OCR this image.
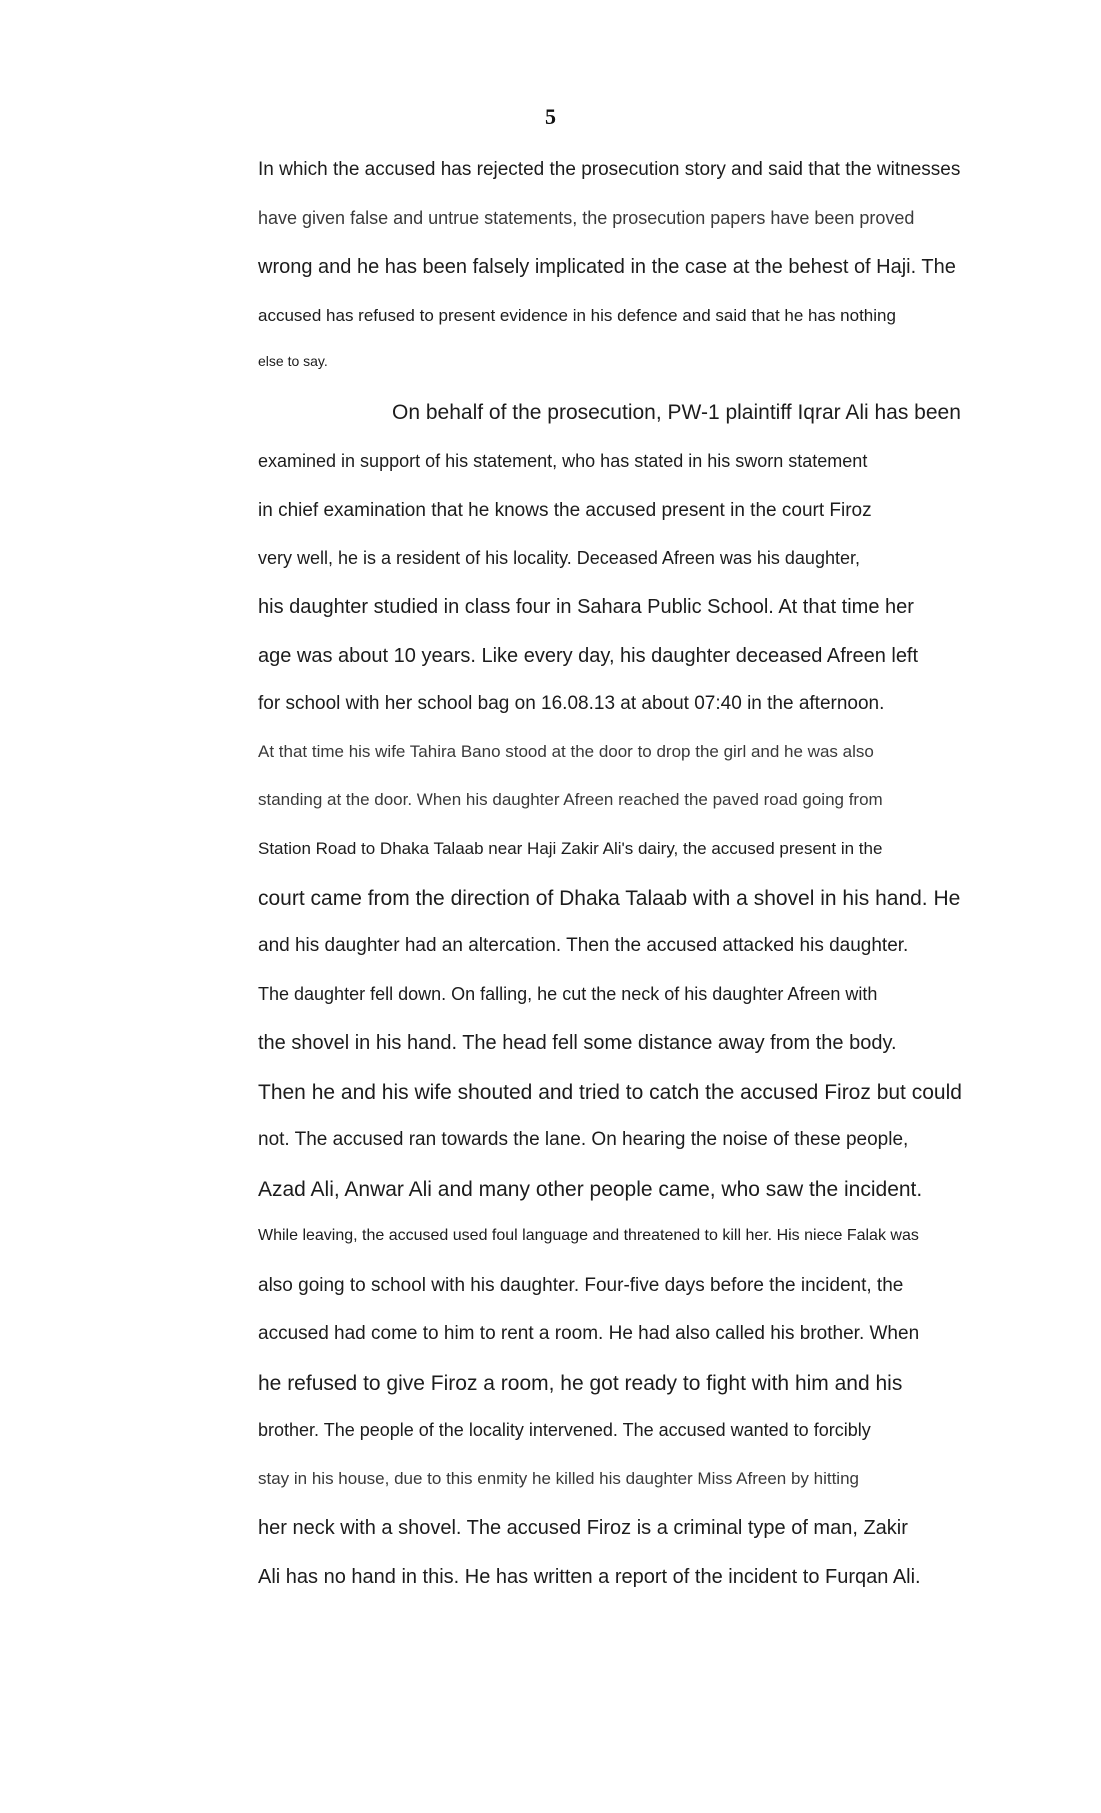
5
In which the accused has rejected the prosecution story and said that the witnesses
have given false and untrue statements, the prosecution papers have been proved
wrong and he has been falsely implicated in the case at the behest of Haji. The
accused has refused to present evidence in his defence and said that he has nothing
else to say.
On behalf of the prosecution, PW-1 plaintiff Iqrar Ali has been
examined in support of his statement, who has stated in his sworn statement
in chief examination that he knows the accused present in the court Firoz
very well, he is a resident of his locality. Deceased Afreen was his daughter,
his daughter studied in class four in Sahara Public School. At that time her
age was about 10 years. Like every day, his daughter deceased Afreen left
for school with her school bag on 16.08.13 at about 07:40 in the afternoon.
At that time his wife Tahira Bano stood at the door to drop the girl and he was also
standing at the door. When his daughter Afreen reached the paved road going from
Station Road to Dhaka Talaab near Haji Zakir Ali's dairy, the accused present in the
court came from the direction of Dhaka Talaab with a shovel in his hand. He
and his daughter had an altercation. Then the accused attacked his daughter.
The daughter fell down. On falling, he cut the neck of his daughter Afreen with
the shovel in his hand. The head fell some distance away from the body.
Then he and his wife shouted and tried to catch the accused Firoz but could
not. The accused ran towards the lane. On hearing the noise of these people,
Azad Ali, Anwar Ali and many other people came, who saw the incident.
While leaving, the accused used foul language and threatened to kill her. His niece Falak was
also going to school with his daughter. Four-five days before the incident, the
accused had come to him to rent a room. He had also called his brother. When
he refused to give Firoz a room, he got ready to fight with him and his
brother. The people of the locality intervened. The accused wanted to forcibly
stay in his house, due to this enmity he killed his daughter Miss Afreen by hitting
her neck with a shovel. The accused Firoz is a criminal type of man, Zakir
Ali has no hand in this. He has written a report of the incident to Furqan Ali.
